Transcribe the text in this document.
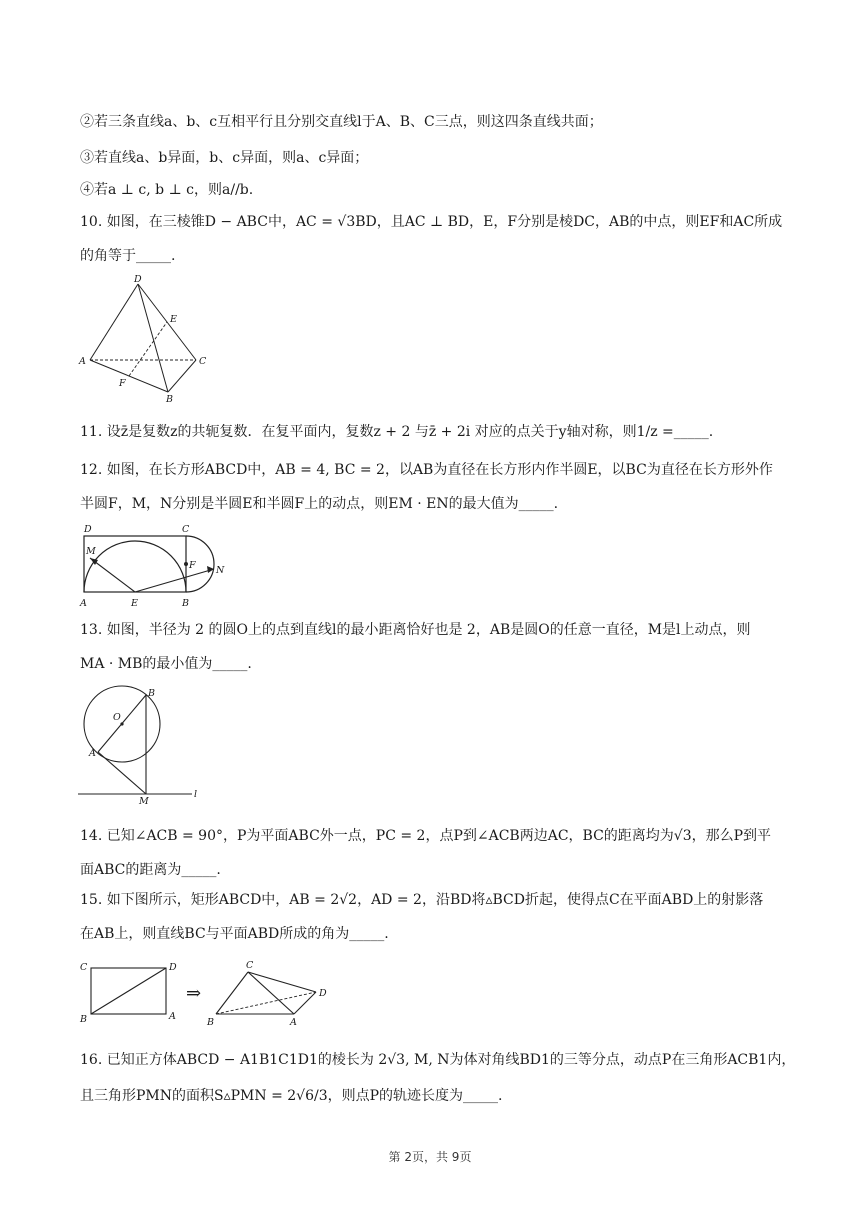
②若三条直线a、b、c互相平行且分别交直线l于A、B、C三点，则这四条直线共面；
③若直线a、b异面，b、c异面，则a、c异面；
④若a ⊥ c, b ⊥ c，则a//b.
10. 如图，在三棱锥D − ABC中，AC = √3BD，且AC ⊥ BD，E，F分别是棱DC，AB的中点，则EF和AC所成
的角等于_____.
D
E
A	C
F
B
11. 设z̄是复数z的共轭复数．在复平面内，复数z + 2 与z̄ + 2i 对应的点关于y轴对称，则1/z =_____.
12. 如图，在长方形ABCD中，AB = 4, BC = 2，以AB为直径在长方形内作半圆E，以BC为直径在长方形外作
半圆F，M，N分别是半圆E和半圆F上的动点，则EM · EN的最大值为_____.
D	C
M
F N
A	E	B
13. 如图，半径为 2 的圆O上的点到直线l的最小距离恰好也是 2，AB是圆O的任意一直径，M是l上动点，则
MA · MB的最小值为_____.
B
O
A
M
l
14. 已知∠ACB = 90°，P为平面ABC外一点，PC = 2，点P到∠ACB两边AC，BC的距离均为√3，那么P到平
面ABC的距离为_____.
15. 如下图所示，矩形ABCD中，AB = 2√2，AD = 2，沿BD将▵BCD折起，使得点C在平面ABD上的射影落
在AB上，则直线BC与平面ABD所成的角为_____.
C	D
B	A
⇒
C
D
B	A
16. 已知正方体ABCD − A1B1C1D1的棱长为 2√3, M, N为体对角线BD1的三等分点，动点P在三角形ACB1内，
且三角形PMN的面积S▵PMN = 2√6/3，则点P的轨迹长度为_____.
第 2页，共 9页
